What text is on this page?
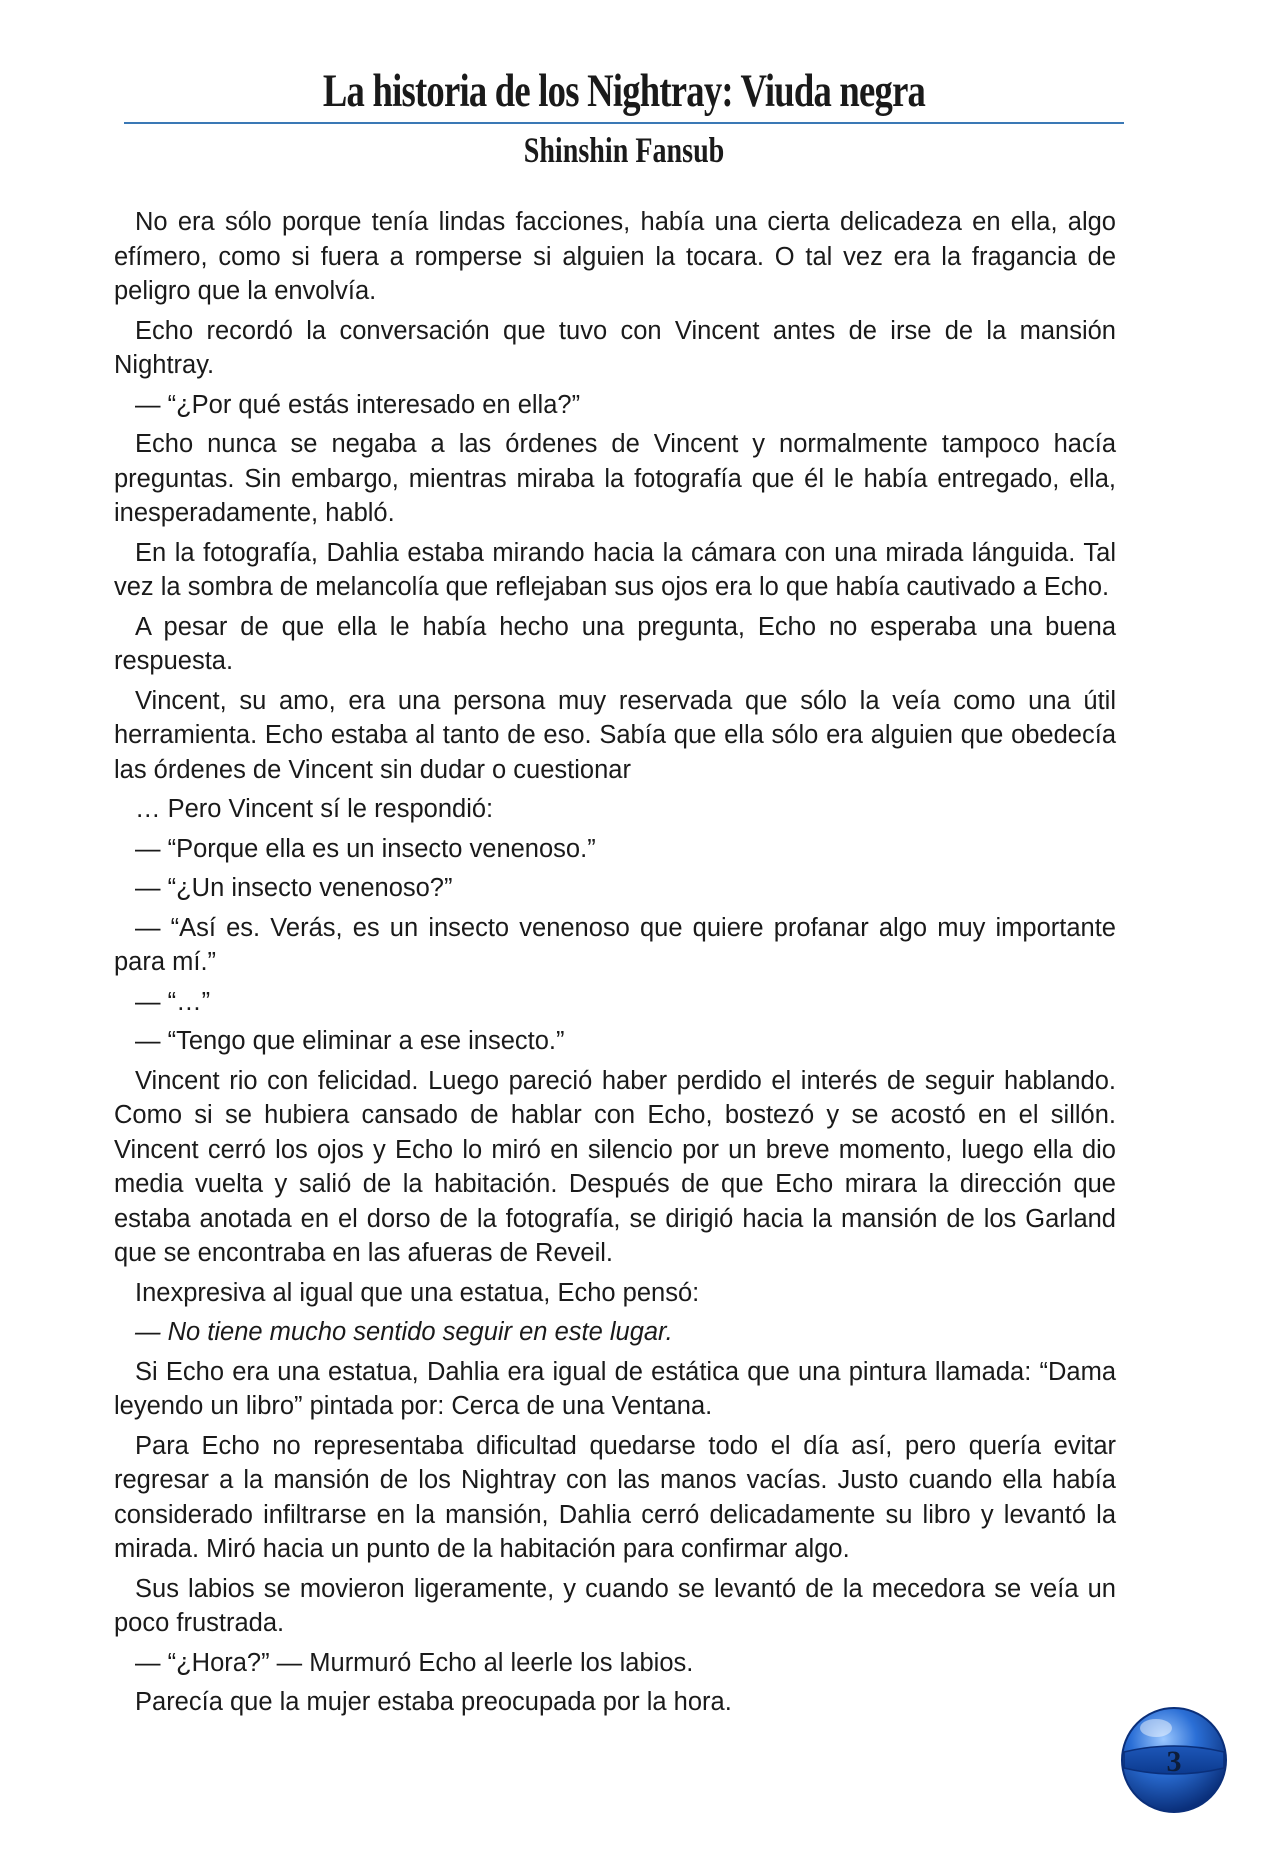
La historia de los Nightray: Viuda negra
Shinshin Fansub

No era sólo porque tenía lindas facciones, había una cierta delicadeza en ella, algo efímero, como si fuera a romperse si alguien la tocara. O tal vez era la fragancia de peligro que la envolvía.

Echo recordó la conversación que tuvo con Vincent antes de irse de la mansión Nightray.

— “¿Por qué estás interesado en ella?”

Echo nunca se negaba a las órdenes de Vincent y normalmente tampoco hacía preguntas. Sin embargo, mientras miraba la fotografía que él le había entregado, ella, inesperadamente, habló.

En la fotografía, Dahlia estaba mirando hacia la cámara con una mirada lánguida. Tal vez la sombra de melancolía que reflejaban sus ojos era lo que había cautivado a Echo.

A pesar de que ella le había hecho una pregunta, Echo no esperaba una buena respuesta.

Vincent, su amo, era una persona muy reservada que sólo la veía como una útil herramienta. Echo estaba al tanto de eso. Sabía que ella sólo era alguien que obedecía las órdenes de Vincent sin dudar o cuestionar

… Pero Vincent sí le respondió:

— “Porque ella es un insecto venenoso.”

— “¿Un insecto venenoso?”

— “Así es. Verás, es un insecto venenoso que quiere profanar algo muy importante para mí.”

— “…”

— “Tengo que eliminar a ese insecto.”

Vincent rio con felicidad. Luego pareció haber perdido el interés de seguir hablando. Como si se hubiera cansado de hablar con Echo, bostezó y se acostó en el sillón. Vincent cerró los ojos y Echo lo miró en silencio por un breve momento, luego ella dio media vuelta y salió de la habitación. Después de que Echo mirara la dirección que estaba anotada en el dorso de la fotografía, se dirigió hacia la mansión de los Garland que se encontraba en las afueras de Reveil.

Inexpresiva al igual que una estatua, Echo pensó:

— No tiene mucho sentido seguir en este lugar.

Si Echo era una estatua, Dahlia era igual de estática que una pintura llamada: “Dama leyendo un libro” pintada por: Cerca de una Ventana.

Para Echo no representaba dificultad quedarse todo el día así, pero quería evitar regresar a la mansión de los Nightray con las manos vacías. Justo cuando ella había considerado infiltrarse en la mansión, Dahlia cerró delicadamente su libro y levantó la mirada. Miró hacia un punto de la habitación para confirmar algo.

Sus labios se movieron ligeramente, y cuando se levantó de la mecedora se veía un poco frustrada.

— “¿Hora?” — Murmuró Echo al leerle los labios.

Parecía que la mujer estaba preocupada por la hora.

3
